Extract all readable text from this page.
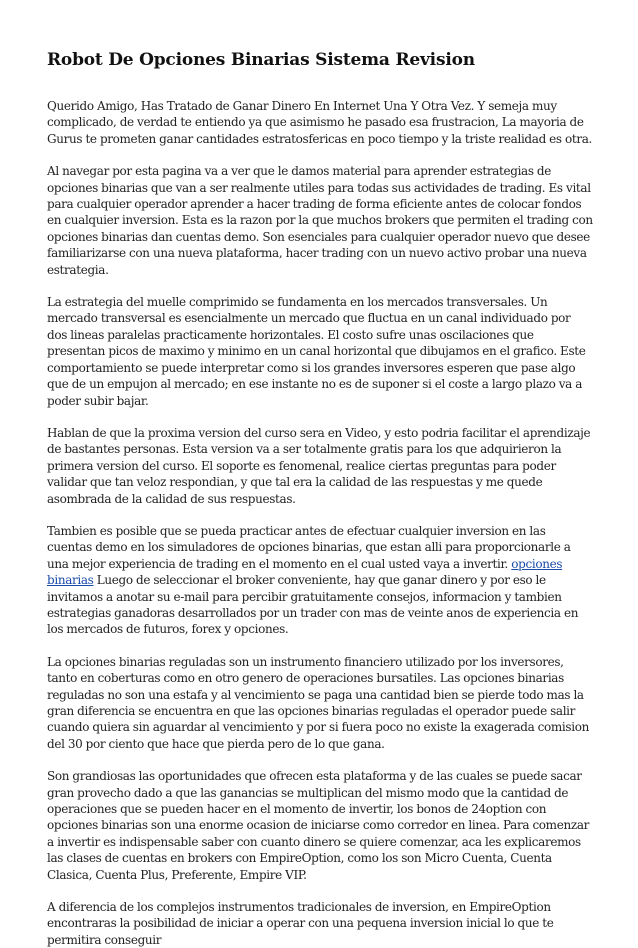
Robot De Opciones Binarias Sistema Revision

Querido Amigo, Has Tratado de Ganar Dinero En Internet Una Y Otra Vez. Y semeja muy complicado, de verdad te entiendo ya que asimismo he pasado esa frustracion, La mayoria de Gurus te prometen ganar cantidades estratosfericas en poco tiempo y la triste realidad es otra.

Al navegar por esta pagina va a ver que le damos material para aprender estrategias de opciones binarias que van a ser realmente utiles para todas sus actividades de trading. Es vital para cualquier operador aprender a hacer trading de forma eficiente antes de colocar fondos en cualquier inversion. Esta es la razon por la que muchos brokers que permiten el trading con opciones binarias dan cuentas demo. Son esenciales para cualquier operador nuevo que desee familiarizarse con una nueva plataforma, hacer trading con un nuevo activo probar una nueva estrategia.

La estrategia del muelle comprimido se fundamenta en los mercados transversales. Un mercado transversal es esencialmente un mercado que fluctua en un canal individuado por dos lineas paralelas practicamente horizontales. El costo sufre unas oscilaciones que presentan picos de maximo y minimo en un canal horizontal que dibujamos en el grafico. Este comportamiento se puede interpretar como si los grandes inversores esperen que pase algo que de un empujon al mercado; en ese instante no es de suponer si el coste a largo plazo va a poder subir bajar.

Hablan de que la proxima version del curso sera en Video, y esto podria facilitar el aprendizaje de bastantes personas. Esta version va a ser totalmente gratis para los que adquirieron la primera version del curso. El soporte es fenomenal, realice ciertas preguntas para poder validar que tan veloz respondian, y que tal era la calidad de las respuestas y me quede asombrada de la calidad de sus respuestas.

Tambien es posible que se pueda practicar antes de efectuar cualquier inversion en las cuentas demo en los simuladores de opciones binarias, que estan alli para proporcionarle a una mejor experiencia de trading en el momento en el cual usted vaya a invertir. opciones binarias Luego de seleccionar el broker conveniente, hay que ganar dinero y por eso le invitamos a anotar su e-mail para percibir gratuitamente consejos, informacion y tambien estrategias ganadoras desarrollados por un trader con mas de veinte anos de experiencia en los mercados de futuros, forex y opciones.

La opciones binarias reguladas son un instrumento financiero utilizado por los inversores, tanto en coberturas como en otro genero de operaciones bursatiles. Las opciones binarias reguladas no son una estafa y al vencimiento se paga una cantidad bien se pierde todo mas la gran diferencia se encuentra en que las opciones binarias reguladas el operador puede salir cuando quiera sin aguardar al vencimiento y por si fuera poco no existe la exagerada comision del 30 por ciento que hace que pierda pero de lo que gana.

Son grandiosas las oportunidades que ofrecen esta plataforma y de las cuales se puede sacar gran provecho dado a que las ganancias se multiplican del mismo modo que la cantidad de operaciones que se pueden hacer en el momento de invertir, los bonos de 24option con opciones binarias son una enorme ocasion de iniciarse como corredor en linea. Para comenzar a invertir es indispensable saber con cuanto dinero se quiere comenzar, aca les explicaremos las clases de cuentas en brokers con EmpireOption, como los son Micro Cuenta, Cuenta Clasica, Cuenta Plus, Preferente, Empire VIP.

A diferencia de los complejos instrumentos tradicionales de inversion, en EmpireOption encontraras la posibilidad de iniciar a operar con una pequena inversion inicial lo que te permitira conseguir
